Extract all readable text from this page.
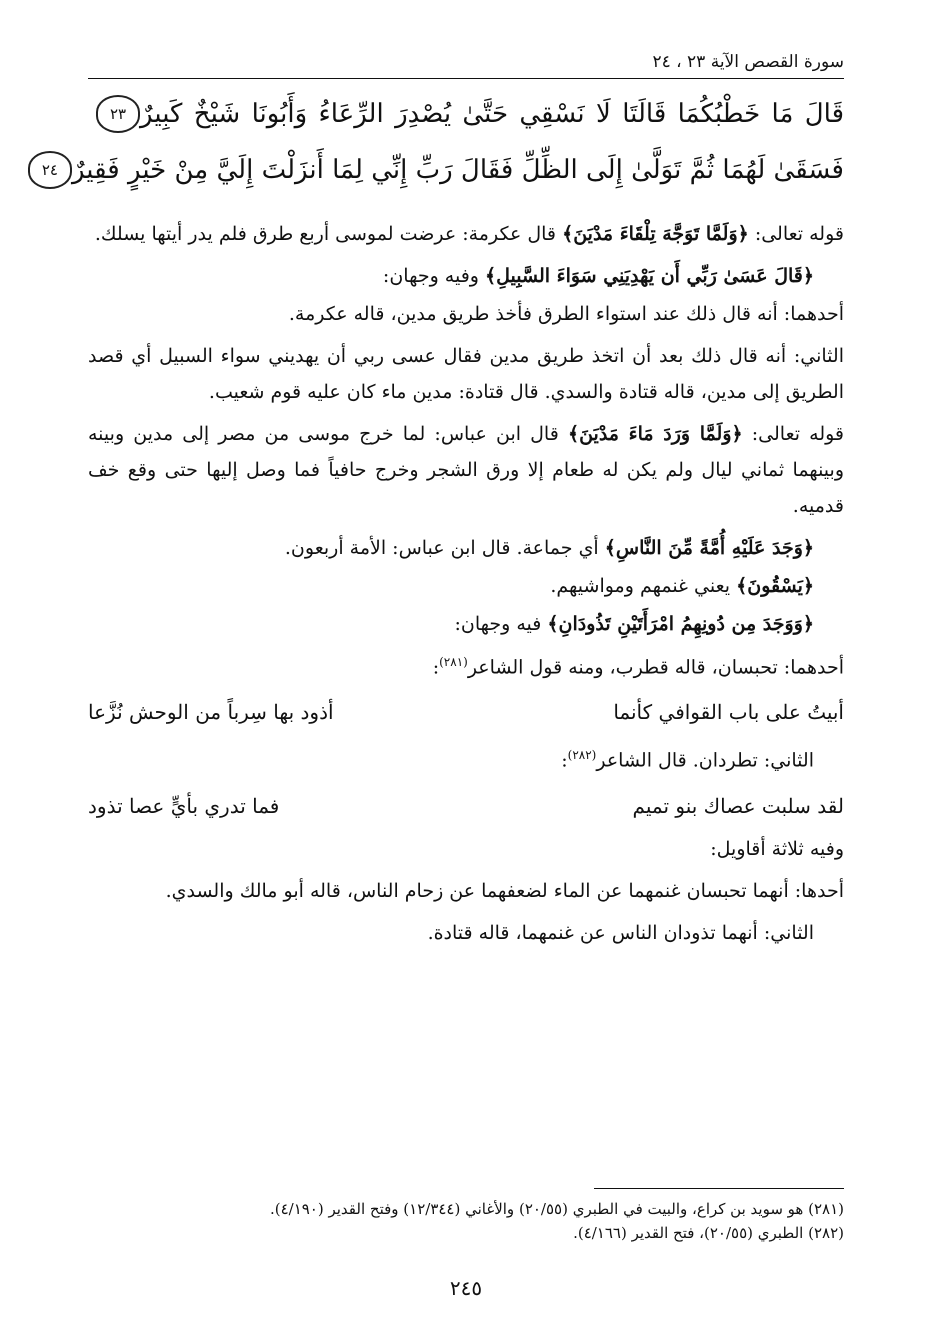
سورة القصص الآية ٢٣ ، ٢٤
قَالَ مَا خَطْبُكُمَا قَالَتَا لَا نَسْقِي حَتَّىٰ يُصْدِرَ الرِّعَاءُ وَأَبُونَا شَيْخٌ كَبِيرٌ
٢٣
فَسَقَىٰ لَهُمَا ثُمَّ تَوَلَّىٰ إِلَى الظِّلِّ فَقَالَ رَبِّ إِنِّي لِمَا أَنزَلْتَ إِلَيَّ مِنْ خَيْرٍ فَقِيرٌ
٢٤

قوله تعالى: ﴿وَلَمَّا تَوَجَّهَ تِلْقَاءَ مَدْيَنَ﴾ قال عكرمة: عرضت لموسى أربع طرق فلم يدر أيتها يسلك.

﴿قَالَ عَسَىٰ رَبِّي أَن يَهْدِيَنِي سَوَاءَ السَّبِيلِ﴾ وفيه وجهان:

أحدهما: أنه قال ذلك عند استواء الطرق فأخذ طريق مدين، قاله عكرمة.

الثاني: أنه قال ذلك بعد أن اتخذ طريق مدين فقال عسى ربي أن يهديني سواء السبيل أي قصد الطريق إلى مدين، قاله قتادة والسدي. قال قتادة: مدين ماء كان عليه قوم شعيب.

قوله تعالى: ﴿وَلَمَّا وَرَدَ مَاءَ مَدْيَنَ﴾ قال ابن عباس: لما خرج موسى من مصر إلى مدين وبينه وبينهما ثماني ليال ولم يكن له طعام إلا ورق الشجر وخرج حافياً فما وصل إليها حتى وقع خف قدميه.

﴿وَجَدَ عَلَيْهِ أُمَّةً مِّنَ النَّاسِ﴾ أي جماعة. قال ابن عباس: الأمة أربعون.

﴿يَسْقُونَ﴾ يعني غنمهم ومواشيهم.

﴿وَوَجَدَ مِن دُونِهِمُ امْرَأَتَيْنِ تَذُودَانِ﴾ فيه وجهان:

أحدهما: تحبسان، قاله قطرب، ومنه قول الشاعر$^{(٢٨١)}$:

أبيتُ على باب القوافي كأنما
أذود بها سِرباً من الوحش نُزَّعا

الثاني: تطردان. قال الشاعر$^{(٢٨٢)}$:

لقد سلبت عصاك بنو تميم
فما تدري بأيٍّ عصا تذود

وفيه ثلاثة أقاويل:

أحدها: أنهما تحبسان غنمهما عن الماء لضعفهما عن زحام الناس، قاله أبو مالك والسدي.

الثاني: أنهما تذودان الناس عن غنمهما، قاله قتادة.

(٢٨١) هو سويد بن كراع، والبيت في الطبري (٢٠/٥٥) والأغاني (١٢/٣٤٤) وفتح القدير (٤/١٩٠).

(٢٨٢) الطبري (٢٠/٥٥)، فتح القدير (٤/١٦٦).

٢٤٥
